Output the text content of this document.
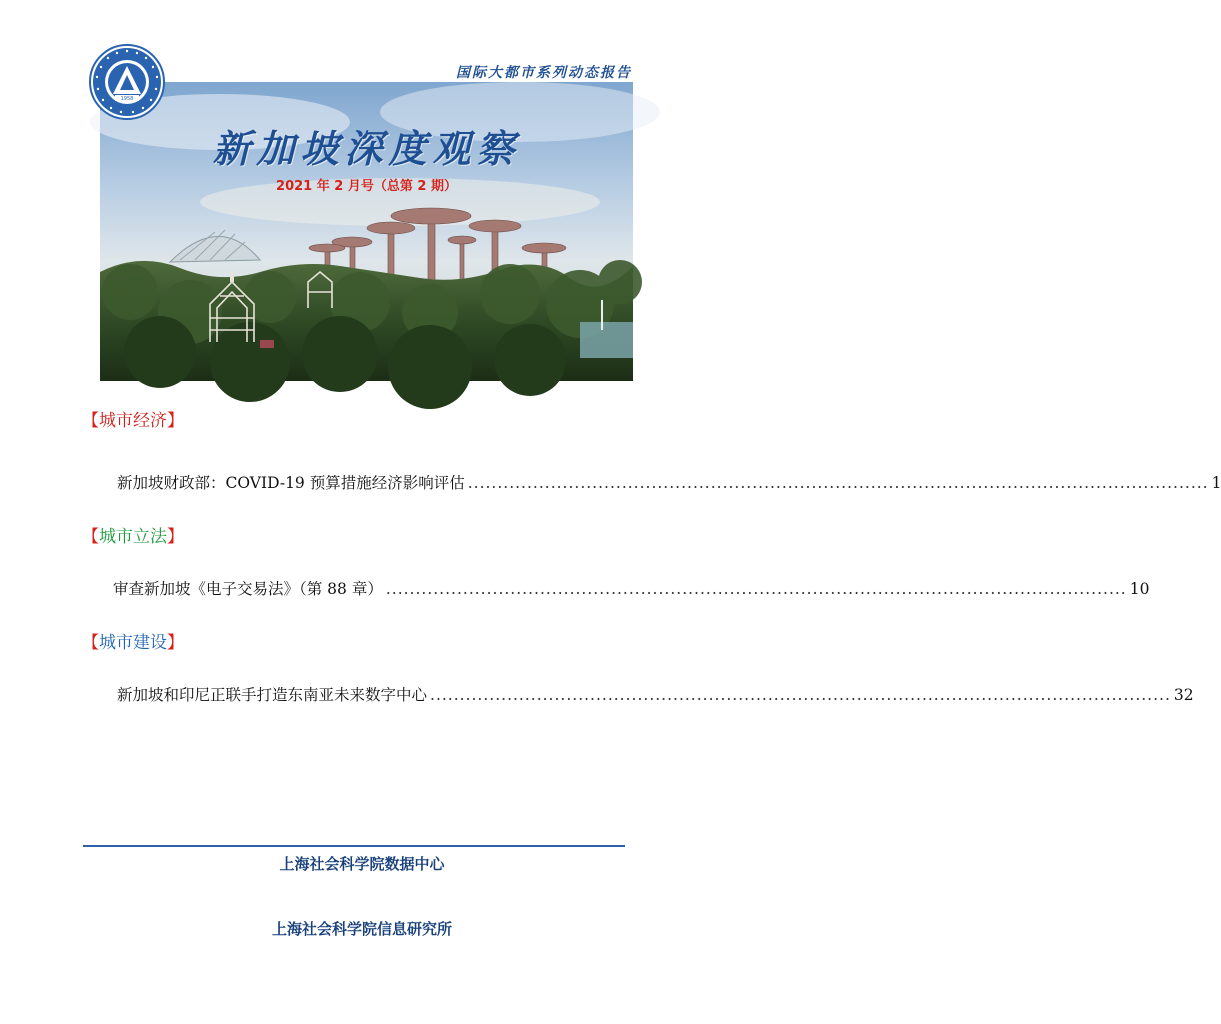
国际大都市系列动态报告
新加坡深度观察
2021 年 2 月号（总第 2 期）
1958
【城市经济】
新加坡财政部：COVID-19 预算措施经济影响评估 ............................................................................................................................. 1
【城市立法】
审查新加坡《电子交易法》（第 88 章） ............................................................................................................................. 10
【城市建设】
新加坡和印尼正联手打造东南亚未来数字中心 ............................................................................................................................. 32
上海社会科学院数据中心
上海社会科学院信息研究所
